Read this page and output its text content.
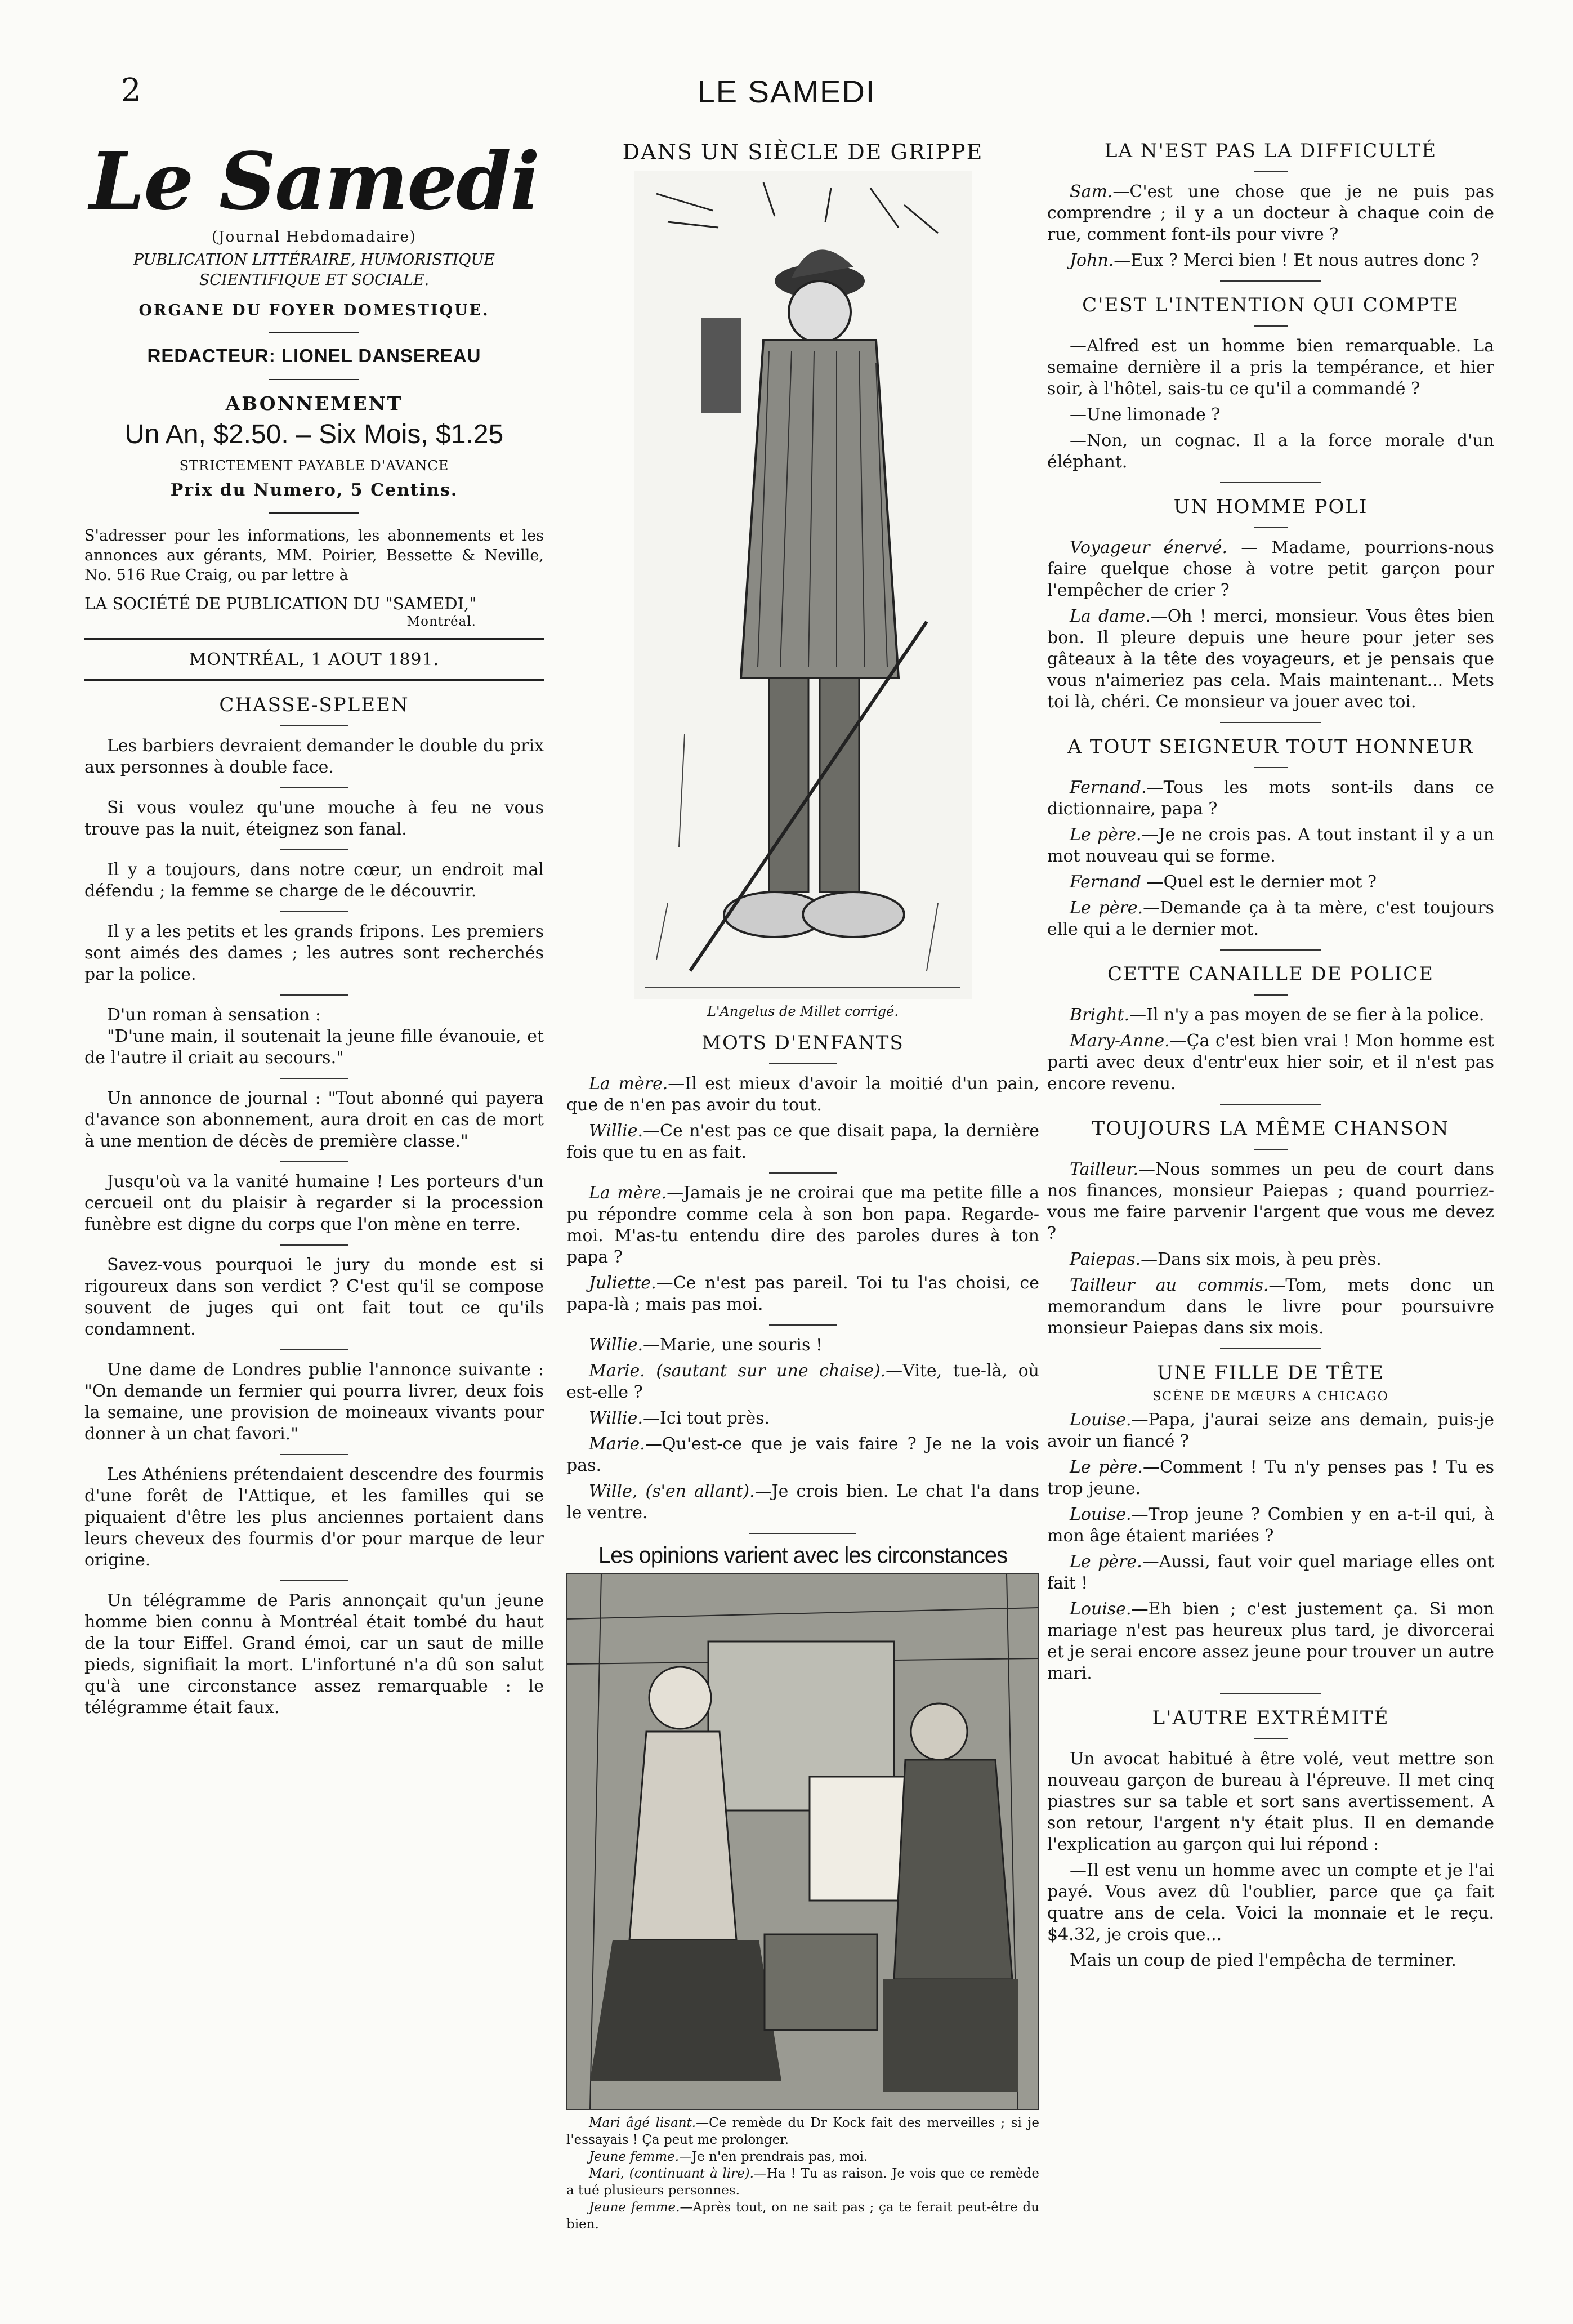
2	LE SAMEDI
Le Samedi
(Journal Hebdomadaire)
PUBLICATION LITTÉRAIRE, HUMORISTIQUE SCIENTIFIQUE ET SOCIALE.
ORGANE DU FOYER DOMESTIQUE.
REDACTEUR: LIONEL DANSEREAU
ABONNEMENT
Un An, $2.50. – Six Mois, $1.25
STRICTEMENT PAYABLE D'AVANCE
Prix du Numero, 5 Centins.
S'adresser pour les informations, les abonnements et les annonces aux gérants, MM. Poirier, Bessette & Neville, No. 516 Rue Craig, ou par lettre à
LA SOCIÉTÉ DE PUBLICATION DU "SAMEDI,"
Montréal.
MONTRÉAL, 1 AOUT 1891.
CHASSE-SPLEEN
Les barbiers devraient demander le double du prix aux personnes à double face.
Si vous voulez qu'une mouche à feu ne vous trouve pas la nuit, éteignez son fanal.
Il y a toujours, dans notre cœur, un endroit mal défendu ; la femme se charge de le découvrir.
Il y a les petits et les grands fripons. Les premiers sont aimés des dames ; les autres sont recherchés par la police.
D'un roman à sensation :
"D'une main, il soutenait la jeune fille évanouie, et de l'autre il criait au secours."
Un annonce de journal : "Tout abonné qui payera d'avance son abonnement, aura droit en cas de mort à une mention de décès de première classe."
Jusqu'où va la vanité humaine ! Les porteurs d'un cercueil ont du plaisir à regarder si la procession funèbre est digne du corps que l'on mène en terre.
Savez-vous pourquoi le jury du monde est si rigoureux dans son verdict ? C'est qu'il se compose souvent de juges qui ont fait tout ce qu'ils condamnent.
Une dame de Londres publie l'annonce suivante : "On demande un fermier qui pourra livrer, deux fois la semaine, une provision de moineaux vivants pour donner à un chat favori."
Les Athéniens prétendaient descendre des fourmis d'une forêt de l'Attique, et les familles qui se piquaient d'être les plus anciennes portaient dans leurs cheveux des fourmis d'or pour marque de leur origine.
Un télégramme de Paris annonçait qu'un jeune homme bien connu à Montréal était tombé du haut de la tour Eiffel. Grand émoi, car un saut de mille pieds, signifiait la mort. L'infortuné n'a dû son salut qu'à une circonstance assez remarquable : le télégramme était faux.
DANS UN SIÈCLE DE GRIPPE
L'Angelus de Millet corrigé.
MOTS D'ENFANTS
La mère.—Il est mieux d'avoir la moitié d'un pain, que de n'en pas avoir du tout.
Willie.—Ce n'est pas ce que disait papa, la dernière fois que tu en as fait.
La mère.—Jamais je ne croirai que ma petite fille a pu répondre comme cela à son bon papa. Regarde-moi. M'as-tu entendu dire des paroles dures à ton papa ?
Juliette.—Ce n'est pas pareil. Toi tu l'as choisi, ce papa-là ; mais pas moi.
Willie.—Marie, une souris !
Marie. (sautant sur une chaise).—Vite, tue-là, où est-elle ?
Willie.—Ici tout près.
Marie.—Qu'est-ce que je vais faire ? Je ne la vois pas.
Wille, (s'en allant).—Je crois bien. Le chat l'a dans le ventre.
Les opinions varient avec les circonstances
Mari âgé lisant.—Ce remède du Dr Kock fait des merveilles ; si je l'essayais ! Ça peut me prolonger.
Jeune femme.—Je n'en prendrais pas, moi.
Mari, (continuant à lire).—Ha ! Tu as raison. Je vois que ce remède a tué plusieurs personnes.
Jeune femme.—Après tout, on ne sait pas ; ça te ferait peut-être du bien.
LA N'EST PAS LA DIFFICULTÉ
Sam.—C'est une chose que je ne puis pas comprendre ; il y a un docteur à chaque coin de rue, comment font-ils pour vivre ?
John.—Eux ? Merci bien ! Et nous autres donc ?
C'EST L'INTENTION QUI COMPTE
—Alfred est un homme bien remarquable. La semaine dernière il a pris la tempérance, et hier soir, à l'hôtel, sais-tu ce qu'il a commandé ?
—Une limonade ?
—Non, un cognac. Il a la force morale d'un éléphant.
UN HOMME POLI
Voyageur énervé. — Madame, pourrions-nous faire quelque chose à votre petit garçon pour l'empêcher de crier ?
La dame.—Oh ! merci, monsieur. Vous êtes bien bon. Il pleure depuis une heure pour jeter ses gâteaux à la tête des voyageurs, et je pensais que vous n'aimeriez pas cela. Mais maintenant... Mets toi là, chéri. Ce monsieur va jouer avec toi.
A TOUT SEIGNEUR TOUT HONNEUR
Fernand.—Tous les mots sont-ils dans ce dictionnaire, papa ?
Le père.—Je ne crois pas. A tout instant il y a un mot nouveau qui se forme.
Fernand —Quel est le dernier mot ?
Le père.—Demande ça à ta mère, c'est toujours elle qui a le dernier mot.
CETTE CANAILLE DE POLICE
Bright.—Il n'y a pas moyen de se fier à la police.
Mary-Anne.—Ça c'est bien vrai ! Mon homme est parti avec deux d'entr'eux hier soir, et il n'est pas encore revenu.
TOUJOURS LA MÊME CHANSON
Tailleur.—Nous sommes un peu de court dans nos finances, monsieur Paiepas ; quand pourriez-vous me faire parvenir l'argent que vous me devez ?
Paiepas.—Dans six mois, à peu près.
Tailleur au commis.—Tom, mets donc un memorandum dans le livre pour poursuivre monsieur Paiepas dans six mois.
UNE FILLE DE TÊTE
SCÈNE DE MŒURS A CHICAGO
Louise.—Papa, j'aurai seize ans demain, puis-je avoir un fiancé ?
Le père.—Comment ! Tu n'y penses pas ! Tu es trop jeune.
Louise.—Trop jeune ? Combien y en a-t-il qui, à mon âge étaient mariées ?
Le père.—Aussi, faut voir quel mariage elles ont fait !
Louise.—Eh bien ; c'est justement ça. Si mon mariage n'est pas heureux plus tard, je divorcerai et je serai encore assez jeune pour trouver un autre mari.
L'AUTRE EXTRÉMITÉ
Un avocat habitué à être volé, veut mettre son nouveau garçon de bureau à l'épreuve. Il met cinq piastres sur sa table et sort sans avertissement. A son retour, l'argent n'y était plus. Il en demande l'explication au garçon qui lui répond :
—Il est venu un homme avec un compte et je l'ai payé. Vous avez dû l'oublier, parce que ça fait quatre ans de cela. Voici la monnaie et le reçu. $4.32, je crois que...
Mais un coup de pied l'empêcha de terminer.
